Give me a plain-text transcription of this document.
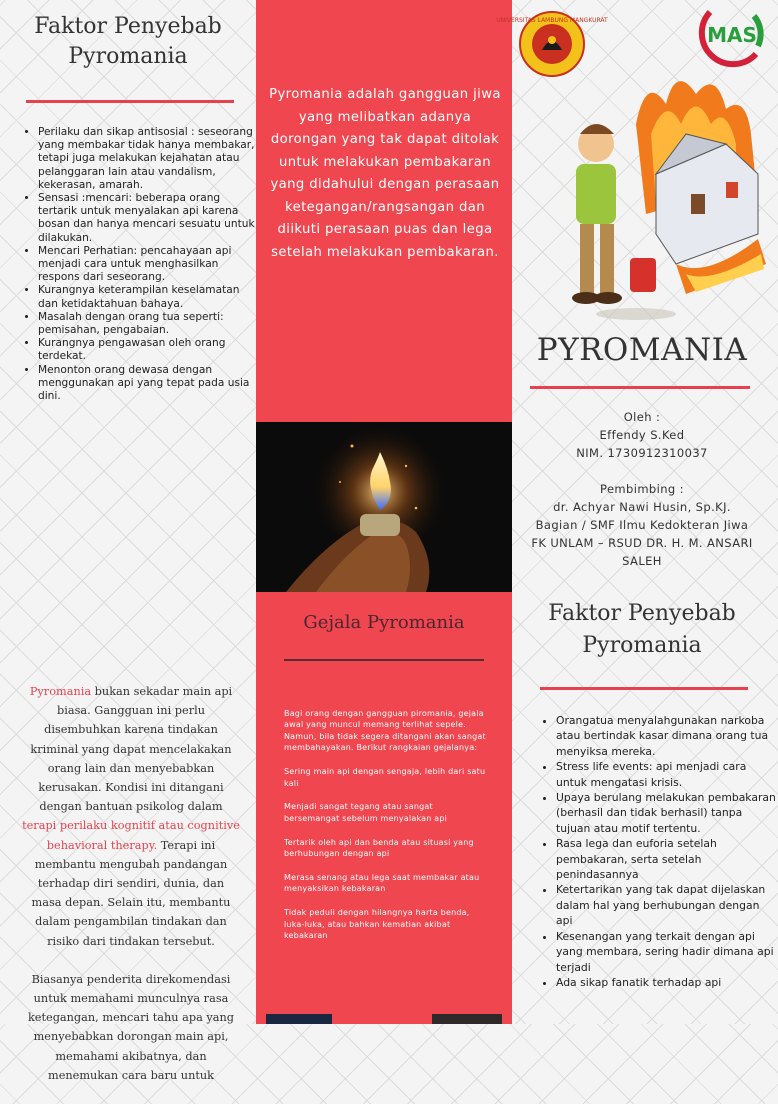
Faktor Penyebab Pyromania
• Perilaku dan sikap antisosial : seseorang yang membakar tidak hanya membakar, tetapi juga melakukan kejahatan atau pelanggaran lain atau vandalism, kekerasan, amarah.
• Sensasi :mencari: beberapa orang tertarik untuk menyalakan api karena bosan dan hanya mencari sesuatu untuk dilakukan.
• Mencari Perhatian: pencahayaan api menjadi cara untuk menghasilkan respons dari seseorang.
• Kurangnya keterampilan keselamatan dan ketidaktahuan bahaya.
• Masalah dengan orang tua seperti: pemisahan, pengabaian.
• Kurangnya pengawasan oleh orang terdekat.
• Menonton orang dewasa dengan menggunakan api yang tepat pada usia dini.
Pyromania adalah gangguan jiwa yang melibatkan adanya dorongan yang tak dapat ditolak untuk melakukan pembakaran yang didahului dengan perasaan ketegangan/rangsangan dan diikuti perasaan puas dan lega setelah melakukan pembakaran.
UNIVERSITAS LAMBUNG MANGKURAT
MAS
PYROMANIA
Oleh :
Effendy S.Ked
NIM. 1730912310037
Pembimbing :
dr. Achyar Nawi Husin, Sp.KJ.
Bagian / SMF Ilmu Kedokteran Jiwa
FK UNLAM – RSUD DR. H. M. ANSARI SALEH

Pyromania bukan sekadar main api biasa. Gangguan ini perlu disembuhkan karena tindakan kriminal yang dapat mencelakakan orang lain dan menyebabkan kerusakan. Kondisi ini ditangani dengan bantuan psikolog dalam terapi perilaku kognitif atau cognitive behavioral therapy. Terapi ini membantu mengubah pandangan terhadap diri sendiri, dunia, dan masa depan. Selain itu, membantu dalam pengambilan tindakan dan risiko dari tindakan tersebut.

Biasanya penderita direkomendasi untuk memahami munculnya rasa ketegangan, mencari tahu apa yang menyebabkan dorongan main api, memahami akibatnya, dan menemukan cara baru untuk

Gejala Pyromania

Bagi orang dengan gangguan piromania, gejala awal yang muncul memang terlihat sepele. Namun, bila tidak segera ditangani akan sangat membahayakan. Berikut rangkaian gejalanya:

Sering main api dengan sengaja, lebih dari satu kali

Menjadi sangat tegang atau sangat bersemangat sebelum menyalakan api

Tertarik oleh api dan benda atau situasi yang berhubungan dengan api

Merasa senang atau lega saat membakar atau menyaksikan kebakaran

Tidak peduli dengan hilangnya harta benda, luka-luka, atau bahkan kematian akibat kebakaran

Faktor Penyebab Pyromania
• Orangatua menyalahgunakan narkoba atau bertindak kasar dimana orang tua menyiksa mereka.
• Stress life events: api menjadi cara untuk mengatasi krisis.
• Upaya berulang melakukan pembakaran (berhasil dan tidak berhasil) tanpa tujuan atau motif tertentu.
• Rasa lega dan euforia setelah pembakaran, serta setelah penindasannya
• Ketertarikan yang tak dapat dijelaskan dalam hal yang berhubungan dengan api
• Kesenangan yang terkait dengan api yang membara, sering hadir dimana api terjadi
• Ada sikap fanatik terhadap api
